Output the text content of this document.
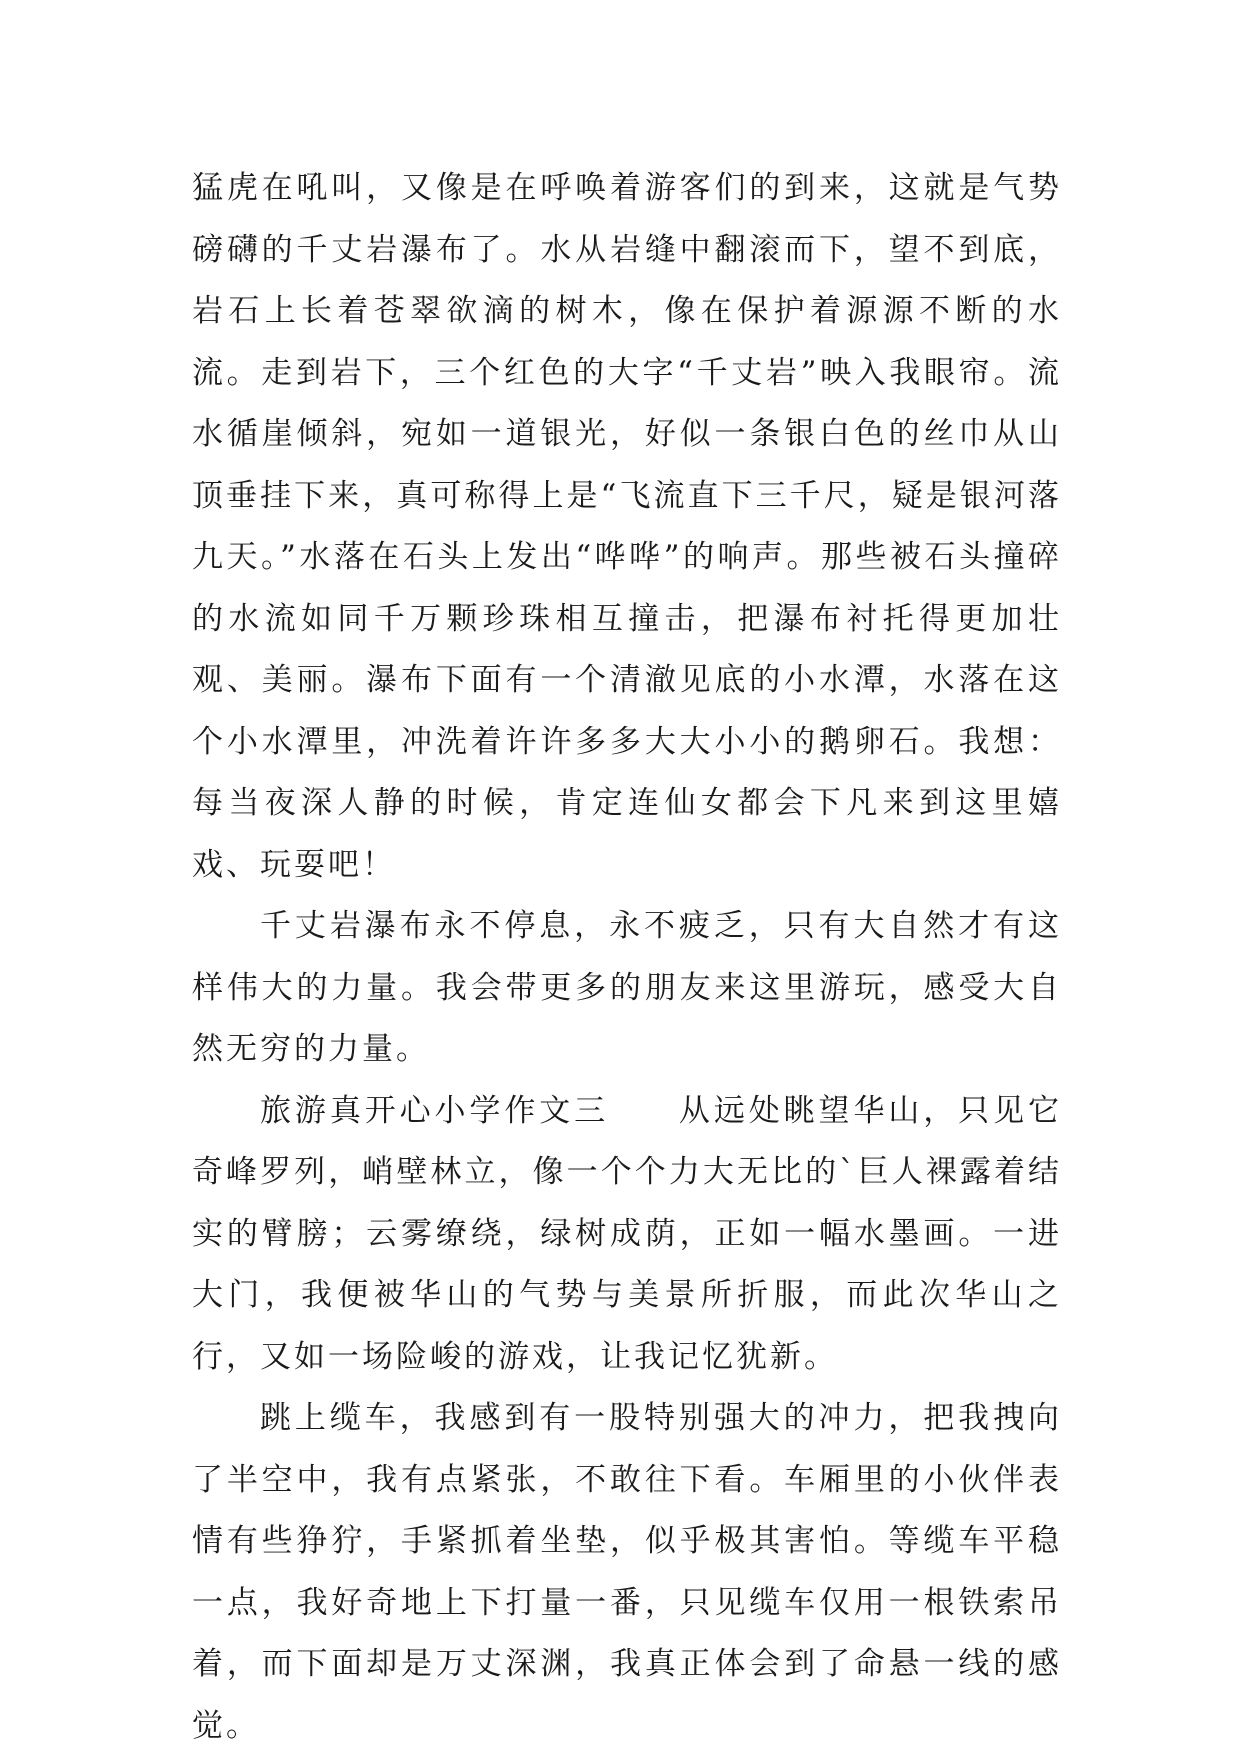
猛虎在吼叫，又像是在呼唤着游客们的到来，这就是气势磅礴的千丈岩瀑布了。水从岩缝中翻滚而下，望不到底，岩石上长着苍翠欲滴的树木，像在保护着源源不断的水流。走到岩下，三个红色的大字“千丈岩”映入我眼帘。流水循崖倾斜，宛如一道银光，好似一条银白色的丝巾从山顶垂挂下来，真可称得上是“飞流直下三千尺，疑是银河落九天。”水落在石头上发出“哗哗”的响声。那些被石头撞碎的水流如同千万颗珍珠相互撞击，把瀑布衬托得更加壮观、美丽。瀑布下面有一个清澈见底的小水潭，水落在这个小水潭里，冲洗着许许多多大大小小的鹅卵石。我想：每当夜深人静的时候，肯定连仙女都会下凡来到这里嬉戏、玩耍吧！

千丈岩瀑布永不停息，永不疲乏，只有大自然才有这样伟大的力量。我会带更多的朋友来这里游玩，感受大自然无穷的力量。

旅游真开心小学作文三　　从远处眺望华山，只见它奇峰罗列，峭壁林立，像一个个力大无比的`巨人裸露着结实的臂膀；云雾缭绕，绿树成荫，正如一幅水墨画。一进大门，我便被华山的气势与美景所折服，而此次华山之行，又如一场险峻的游戏，让我记忆犹新。

跳上缆车，我感到有一股特别强大的冲力，把我拽向了半空中，我有点紧张，不敢往下看。车厢里的小伙伴表情有些狰狞，手紧抓着坐垫，似乎极其害怕。等缆车平稳一点，我好奇地上下打量一番，只见缆车仅用一根铁索吊着，而下面却是万丈深渊，我真正体会到了命悬一线的感觉。
